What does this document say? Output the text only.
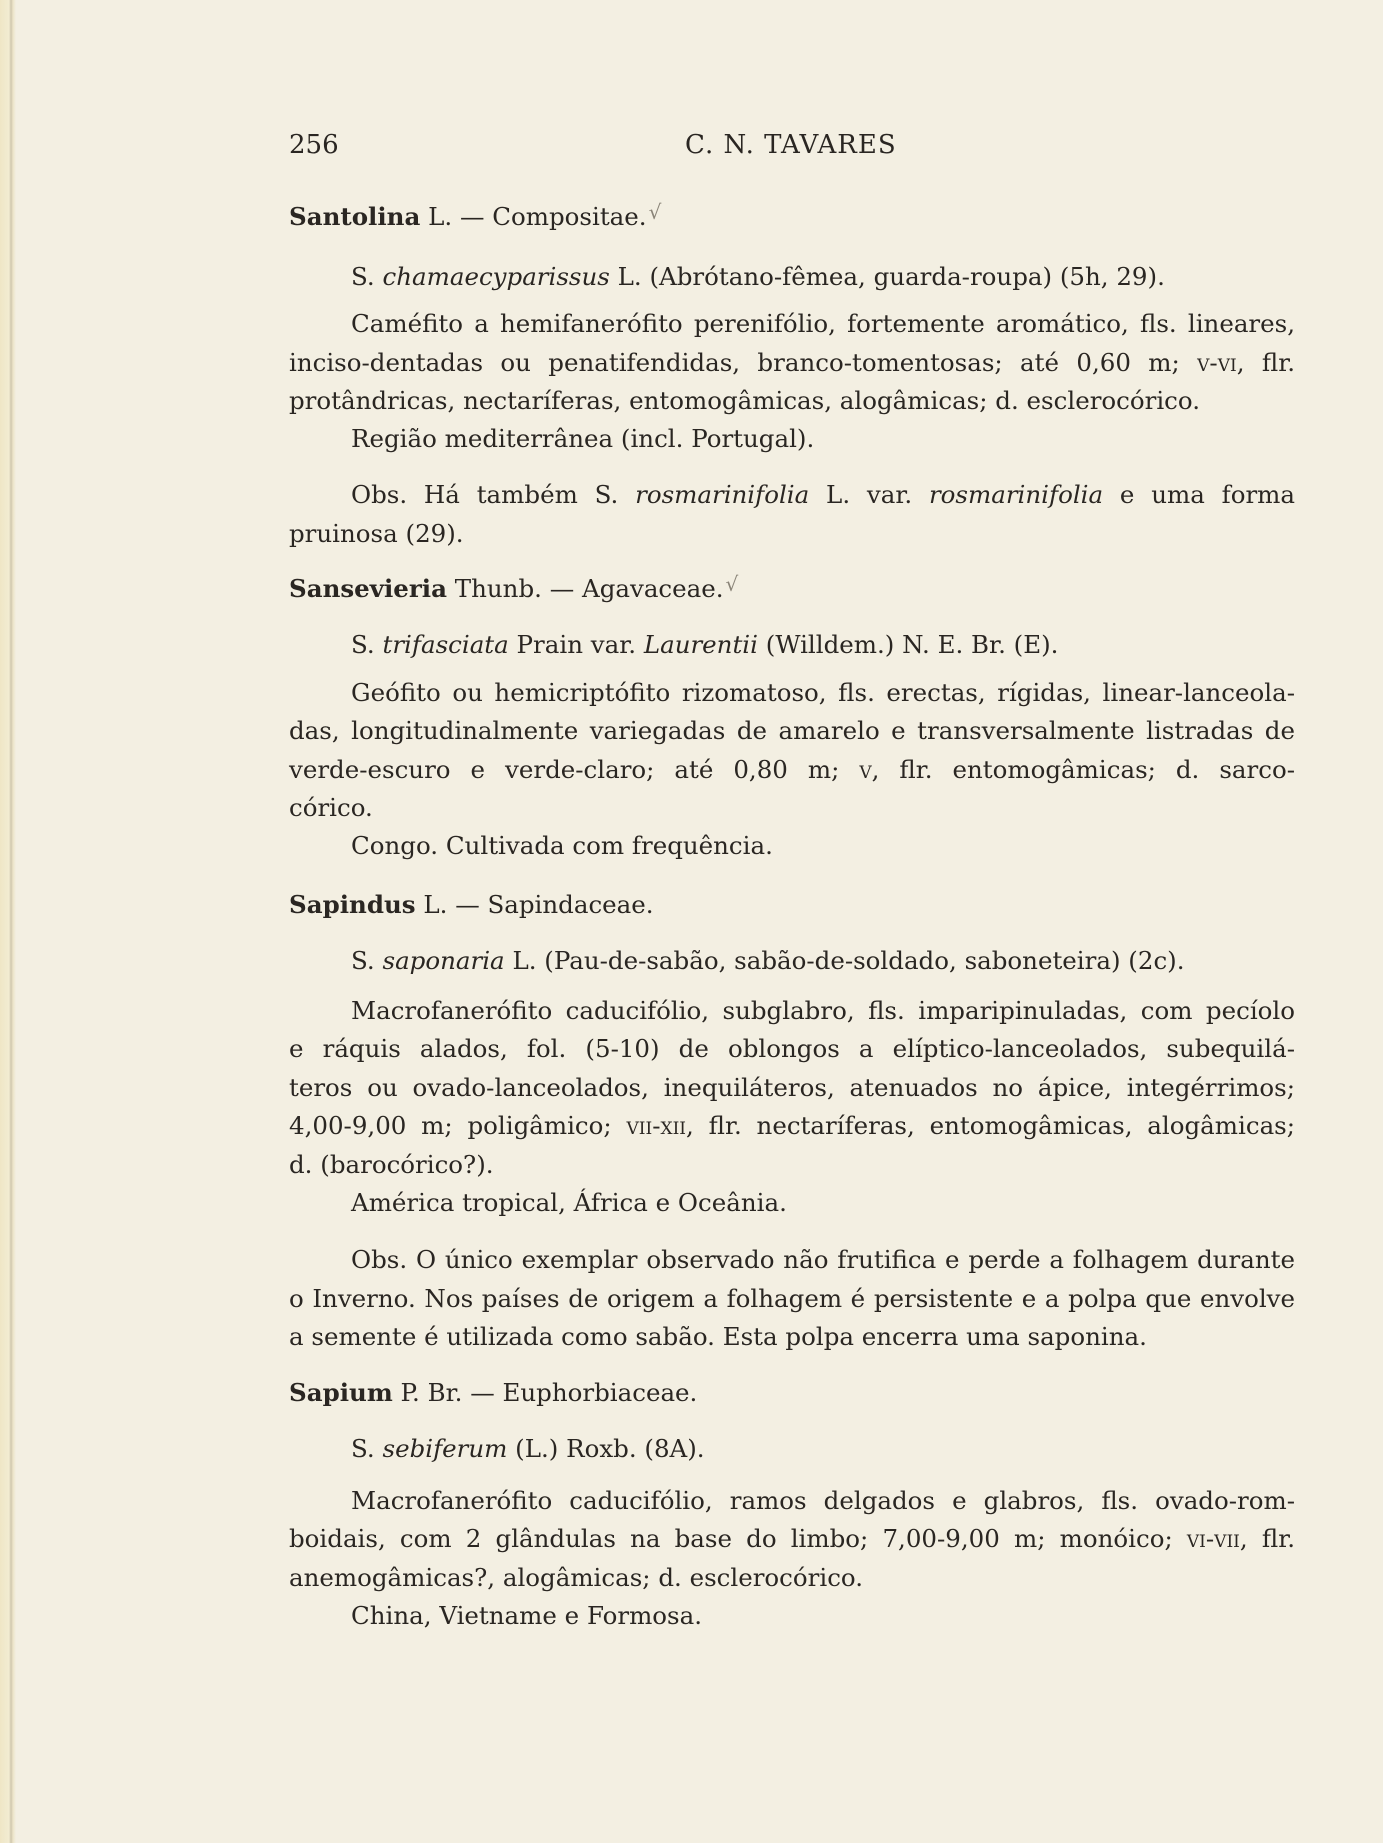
256	C. N. TAVARES
Santolina L. — Compositae. √
S. chamaecyparissus L. (Abrótano-fêmea, guarda-roupa) (5h, 29).
Caméfito a hemifanerófito perenifólio, fortemente aromático, fls. lineares,
inciso-dentadas ou penatifendidas, branco-tomentosas; até 0,60 m; v-vi, flr.
protândricas, nectaríferas, entomogâmicas, alogâmicas; d. esclerocórico.
Região mediterrânea (incl. Portugal).
Obs. Há também S. rosmarinifolia L. var. rosmarinifolia e uma forma
pruinosa (29).
Sansevieria Thunb. — Agavaceae. √
S. trifasciata Prain var. Laurentii (Willdem.) N. E. Br. (E).
Geófito ou hemicriptófito rizomatoso, fls. erectas, rígidas, linear-lanceola-
das, longitudinalmente variegadas de amarelo e transversalmente listradas de
verde-escuro e verde-claro; até 0,80 m; v, flr. entomogâmicas; d. sarco-
córico.
Congo. Cultivada com frequência.
Sapindus L. — Sapindaceae.
S. saponaria L. (Pau-de-sabão, sabão-de-soldado, saboneteira) (2c).
Macrofanerófito caducifólio, subglabro, fls. imparipinuladas, com pecíolo
e ráquis alados, fol. (5-10) de oblongos a elíptico-lanceolados, subequilá-
teros ou ovado-lanceolados, inequiláteros, atenuados no ápice, integérrimos;
4,00-9,00 m; poligâmico; vii-xii, flr. nectaríferas, entomogâmicas, alogâmicas;
d. (barocórico?).
América tropical, África e Oceânia.
Obs. O único exemplar observado não frutifica e perde a folhagem durante
o Inverno. Nos países de origem a folhagem é persistente e a polpa que envolve
a semente é utilizada como sabão. Esta polpa encerra uma saponina.
Sapium P. Br. — Euphorbiaceae.
S. sebiferum (L.) Roxb. (8A).
Macrofanerófito caducifólio, ramos delgados e glabros, fls. ovado-rom-
boidais, com 2 glândulas na base do limbo; 7,00-9,00 m; monóico; vi-vii, flr.
anemogâmicas?, alogâmicas; d. esclerocórico.
China, Vietname e Formosa.
